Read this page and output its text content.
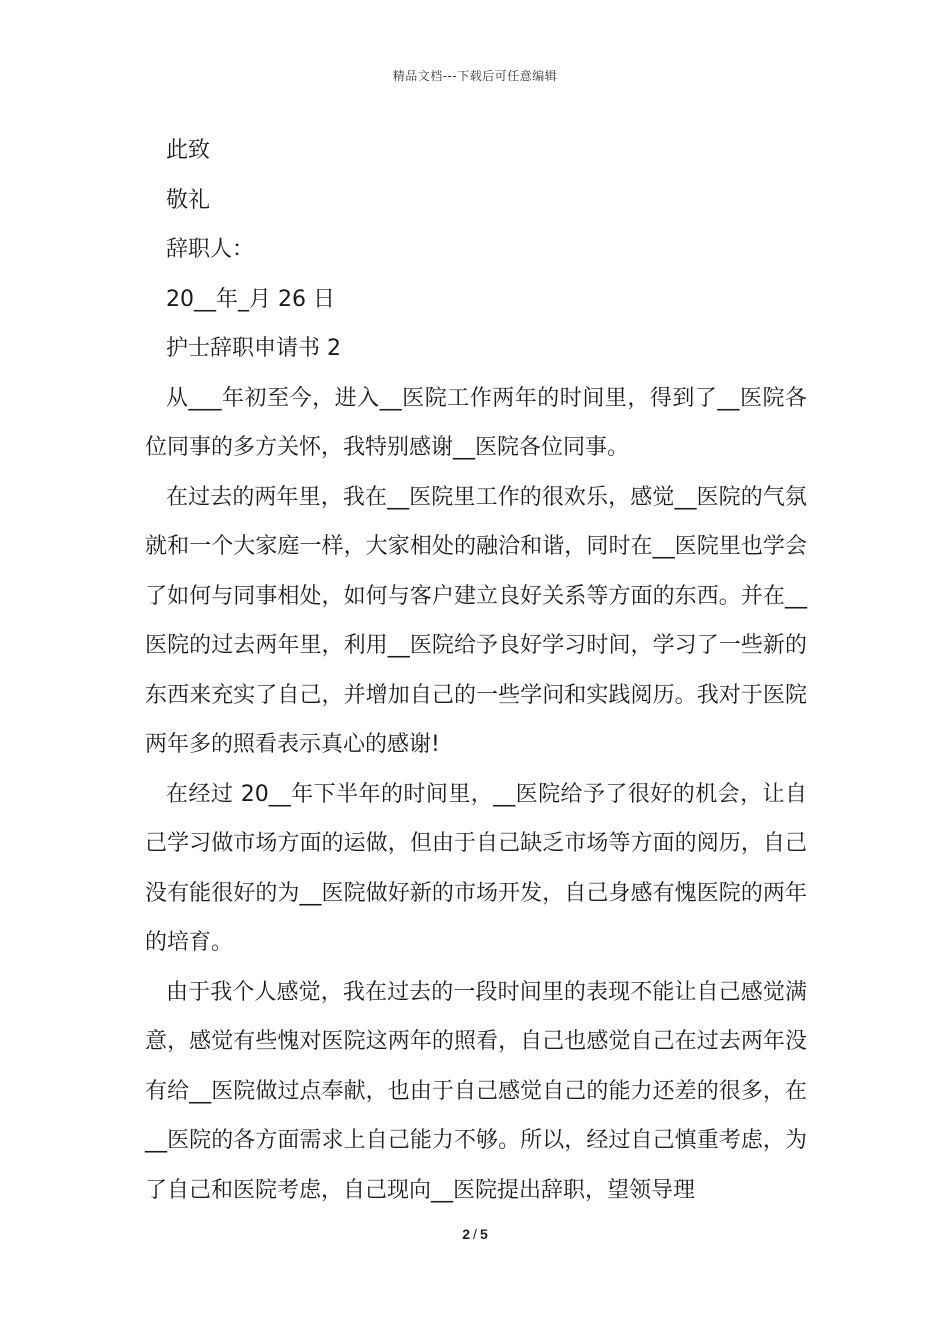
精品文档---下载后可任意编辑

此致

敬礼

辞职人：

20__年_月 26 日

护士辞职申请书 2

从___年初至今，进入__医院工作两年的时间里，得到了__医院各位同事的多方关怀，我特别感谢__医院各位同事。

在过去的两年里，我在__医院里工作的很欢乐，感觉__医院的气氛就和一个大家庭一样，大家相处的融洽和谐，同时在__医院里也学会了如何与同事相处，如何与客户建立良好关系等方面的东西。并在__医院的过去两年里，利用__医院给予良好学习时间，学习了一些新的东西来充实了自己，并增加自己的一些学问和实践阅历。我对于医院两年多的照看表示真心的感谢!

在经过 20__年下半年的时间里，__医院给予了很好的机会，让自己学习做市场方面的运做，但由于自己缺乏市场等方面的阅历，自己没有能很好的为__医院做好新的市场开发，自己身感有愧医院的两年的培育。

由于我个人感觉，我在过去的一段时间里的表现不能让自己感觉满意，感觉有些愧对医院这两年的照看，自己也感觉自己在过去两年没有给__医院做过点奉献，也由于自己感觉自己的能力还差的很多，在__医院的各方面需求上自己能力不够。所以，经过自己慎重考虑，为了自己和医院考虑，自己现向__医院提出辞职，望领导理

2 / 5
